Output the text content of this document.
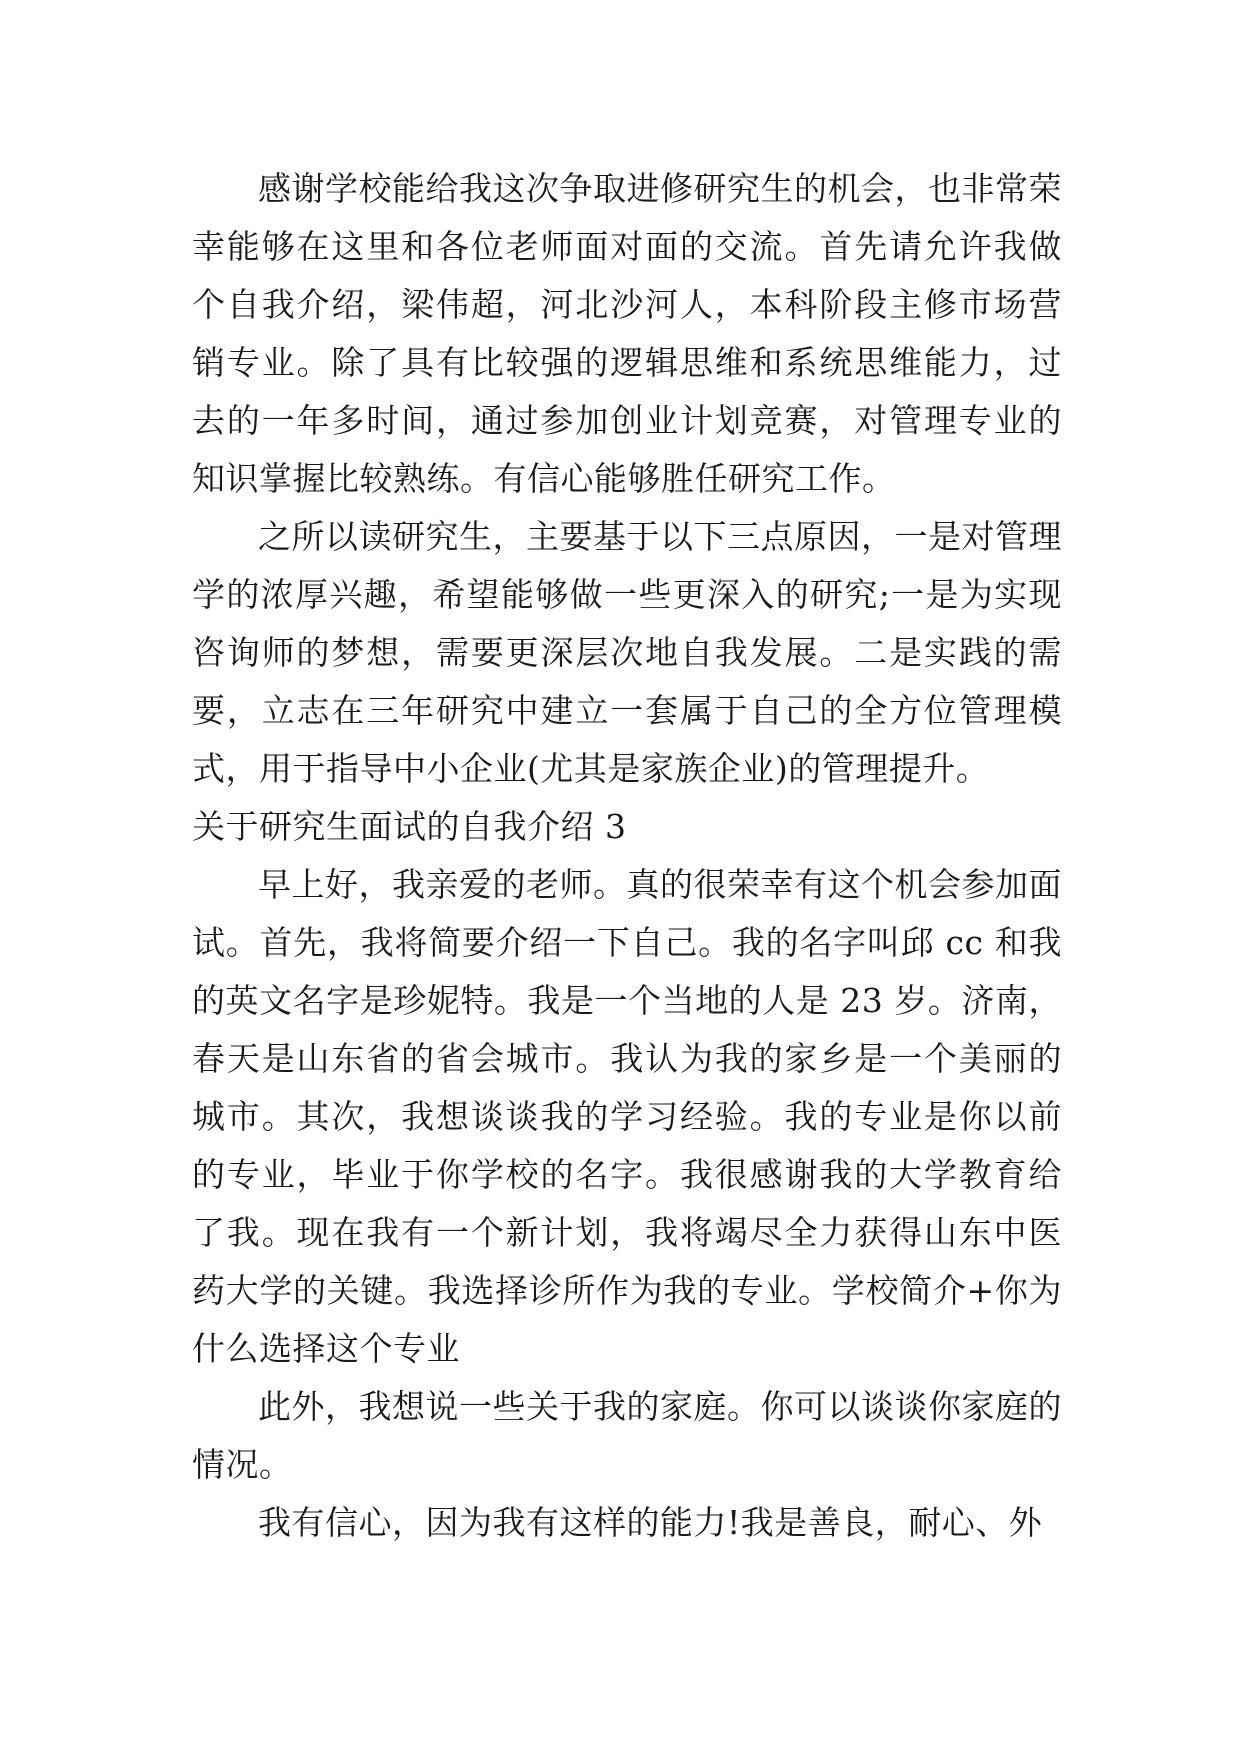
感谢学校能给我这次争取进修研究生的机会，也非常荣幸能够在这里和各位老师面对面的交流。首先请允许我做个自我介绍，梁伟超，河北沙河人，本科阶段主修市场营销专业。除了具有比较强的逻辑思维和系统思维能力，过去的一年多时间，通过参加创业计划竞赛，对管理专业的知识掌握比较熟练。有信心能够胜任研究工作。

之所以读研究生，主要基于以下三点原因，一是对管理学的浓厚兴趣，希望能够做一些更深入的研究;一是为实现咨询师的梦想，需要更深层次地自我发展。二是实践的需要，立志在三年研究中建立一套属于自己的全方位管理模式，用于指导中小企业(尤其是家族企业)的管理提升。

关于研究生面试的自我介绍 3

早上好，我亲爱的老师。真的很荣幸有这个机会参加面试。首先，我将简要介绍一下自己。我的名字叫邱 cc 和我的英文名字是珍妮特。我是一个当地的人是 23 岁。济南，春天是山东省的省会城市。我认为我的家乡是一个美丽的城市。其次，我想谈谈我的学习经验。我的专业是你以前的专业，毕业于你学校的名字。我很感谢我的大学教育给了我。现在我有一个新计划，我将竭尽全力获得山东中医药大学的关键。我选择诊所作为我的专业。学校简介+你为什么选择这个专业

此外，我想说一些关于我的家庭。你可以谈谈你家庭的情况。

我有信心，因为我有这样的能力!我是善良，耐心、外
